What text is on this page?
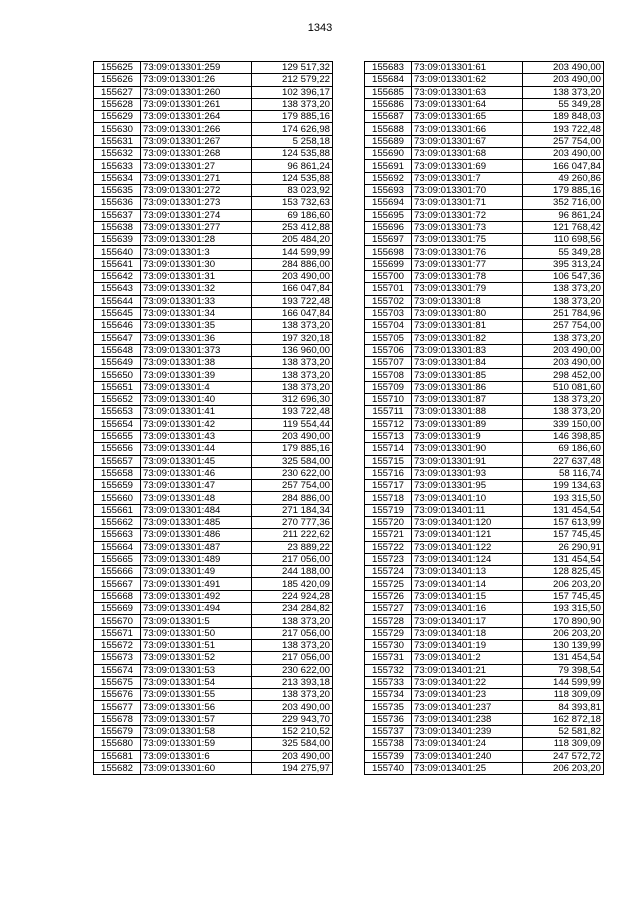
1343
155625	73:09:013301:259	129 517,32
155626	73:09:013301:26	212 579,22
155627	73:09:013301:260	102 396,17
155628	73:09:013301:261	138 373,20
155629	73:09:013301:264	179 885,16
155630	73:09:013301:266	174 626,98
155631	73:09:013301:267	5 258,18
155632	73:09:013301:268	124 535,88
155633	73:09:013301:27	96 861,24
155634	73:09:013301:271	124 535,88
155635	73:09:013301:272	83 023,92
155636	73:09:013301:273	153 732,63
155637	73:09:013301:274	69 186,60
155638	73:09:013301:277	253 412,88
155639	73:09:013301:28	205 484,20
155640	73:09:013301:3	144 599,99
155641	73:09:013301:30	284 886,00
155642	73:09:013301:31	203 490,00
155643	73:09:013301:32	166 047,84
155644	73:09:013301:33	193 722,48
155645	73:09:013301:34	166 047,84
155646	73:09:013301:35	138 373,20
155647	73:09:013301:36	197 320,18
155648	73:09:013301:373	136 960,00
155649	73:09:013301:38	138 373,20
155650	73:09:013301:39	138 373,20
155651	73:09:013301:4	138 373,20
155652	73:09:013301:40	312 696,30
155653	73:09:013301:41	193 722,48
155654	73:09:013301:42	119 554,44
155655	73:09:013301:43	203 490,00
155656	73:09:013301:44	179 885,16
155657	73:09:013301:45	325 584,00
155658	73:09:013301:46	230 622,00
155659	73:09:013301:47	257 754,00
155660	73:09:013301:48	284 886,00
155661	73:09:013301:484	271 184,34
155662	73:09:013301:485	270 777,36
155663	73:09:013301:486	211 222,62
155664	73:09:013301:487	23 889,22
155665	73:09:013301:489	217 056,00
155666	73:09:013301:49	244 188,00
155667	73:09:013301:491	185 420,09
155668	73:09:013301:492	224 924,28
155669	73:09:013301:494	234 284,82
155670	73:09:013301:5	138 373,20
155671	73:09:013301:50	217 056,00
155672	73:09:013301:51	138 373,20
155673	73:09:013301:52	217 056,00
155674	73:09:013301:53	230 622,00
155675	73:09:013301:54	213 393,18
155676	73:09:013301:55	138 373,20
155677	73:09:013301:56	203 490,00
155678	73:09:013301:57	229 943,70
155679	73:09:013301:58	152 210,52
155680	73:09:013301:59	325 584,00
155681	73:09:013301:6	203 490,00
155682	73:09:013301:60	194 275,97
155683	73:09:013301:61	203 490,00
155684	73:09:013301:62	203 490,00
155685	73:09:013301:63	138 373,20
155686	73:09:013301:64	55 349,28
155687	73:09:013301:65	189 848,03
155688	73:09:013301:66	193 722,48
155689	73:09:013301:67	257 754,00
155690	73:09:013301:68	203 490,00
155691	73:09:013301:69	166 047,84
155692	73:09:013301:7	49 260,86
155693	73:09:013301:70	179 885,16
155694	73:09:013301:71	352 716,00
155695	73:09:013301:72	96 861,24
155696	73:09:013301:73	121 768,42
155697	73:09:013301:75	110 698,56
155698	73:09:013301:76	55 349,28
155699	73:09:013301:77	395 313,24
155700	73:09:013301:78	106 547,36
155701	73:09:013301:79	138 373,20
155702	73:09:013301:8	138 373,20
155703	73:09:013301:80	251 784,96
155704	73:09:013301:81	257 754,00
155705	73:09:013301:82	138 373,20
155706	73:09:013301:83	203 490,00
155707	73:09:013301:84	203 490,00
155708	73:09:013301:85	298 452,00
155709	73:09:013301:86	510 081,60
155710	73:09:013301:87	138 373,20
155711	73:09:013301:88	138 373,20
155712	73:09:013301:89	339 150,00
155713	73:09:013301:9	146 398,85
155714	73:09:013301:90	69 186,60
155715	73:09:013301:91	227 637,48
155716	73:09:013301:93	58 116,74
155717	73:09:013301:95	199 134,63
155718	73:09:013401:10	193 315,50
155719	73:09:013401:11	131 454,54
155720	73:09:013401:120	157 613,99
155721	73:09:013401:121	157 745,45
155722	73:09:013401:122	26 290,91
155723	73:09:013401:124	131 454,54
155724	73:09:013401:13	128 825,45
155725	73:09:013401:14	206 203,20
155726	73:09:013401:15	157 745,45
155727	73:09:013401:16	193 315,50
155728	73:09:013401:17	170 890,90
155729	73:09:013401:18	206 203,20
155730	73:09:013401:19	130 139,99
155731	73:09:013401:2	131 454,54
155732	73:09:013401:21	79 398,54
155733	73:09:013401:22	144 599,99
155734	73:09:013401:23	118 309,09
155735	73:09:013401:237	84 393,81
155736	73:09:013401:238	162 872,18
155737	73:09:013401:239	52 581,82
155738	73:09:013401:24	118 309,09
155739	73:09:013401:240	247 572,72
155740	73:09:013401:25	206 203,20
